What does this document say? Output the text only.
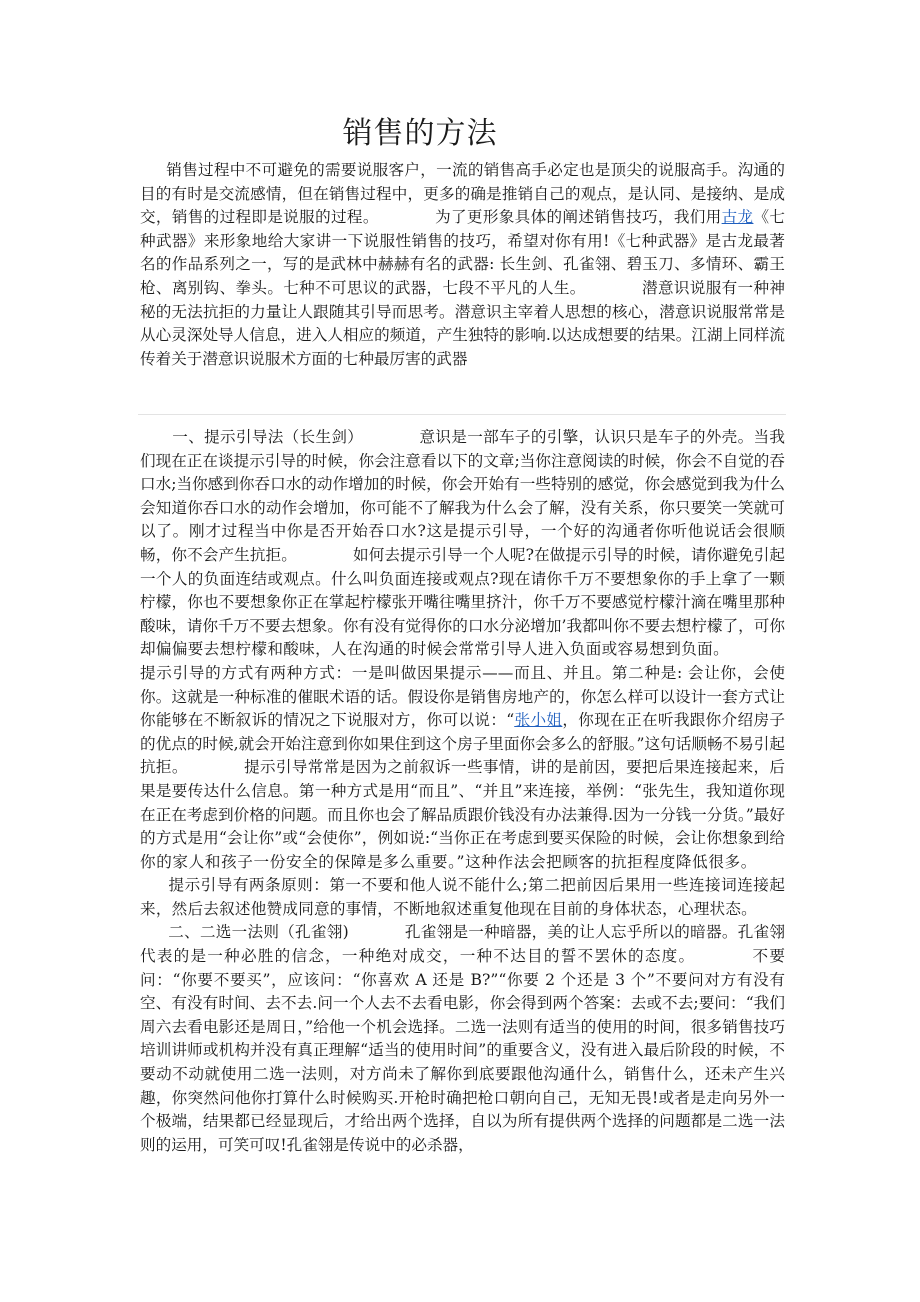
销售的方法

销售过程中不可避免的需要说服客户，一流的销售高手必定也是顶尖的说服高手。沟通的目的有时是交流感情，但在销售过程中，更多的确是推销自己的观点，是认同、是接纳、是成交，销售的过程即是说服的过程。	为了更形象具体的阐述销售技巧，我们用古龙《七种武器》来形象地给大家讲一下说服性销售的技巧，希望对你有用!《七种武器》是古龙最著名的作品系列之一，写的是武林中赫赫有名的武器: 长生剑、孔雀翎、碧玉刀、多情环、霸王枪、离别钩、拳头。七种不可思议的武器，七段不平凡的人生。	潜意识说服有一种神秘的无法抗拒的力量让人跟随其引导而思考。潜意识主宰着人思想的核心，潜意识说服常常是从心灵深处导人信息，进入人相应的频道，产生独特的影响.以达成想要的结果。江湖上同样流传着关于潜意识说服术方面的七种最厉害的武器

一、提示引导法（长生剑）	意识是一部车子的引擎，认识只是车子的外壳。当我们现在正在谈提示引导的时候，你会注意看以下的文章;当你注意阅读的时候，你会不自觉的吞口水;当你感到你吞口水的动作增加的时候，你会开始有一些特别的感觉，你会感觉到我为什么会知道你吞口水的动作会增加，你可能不了解我为什么会了解，没有关系，你只要笑一笑就可以了。刚才过程当中你是否开始吞口水?这是提示引导，一个好的沟通者你听他说话会很顺畅，你不会产生抗拒。	如何去提示引导一个人呢?在做提示引导的时候，请你避免引起一个人的负面连结或观点。什么叫负面连接或观点?现在请你千万不要想象你的手上拿了一颗柠檬，你也不要想象你正在掌起柠檬张开嘴往嘴里挤汁，你千万不要感觉柠檬汁滴在嘴里那种酸味，请你千万不要去想象。你有没有觉得你的口水分泌增加’我都叫你不要去想柠檬了，可你却偏偏要去想柠檬和酸味，人在沟通的时候会常常引导人进入负面或容易想到负面。提示引导的方式有两种方式：一是叫做因果提示——而且、并且。第二种是: 会让你，会使你。这就是一种标准的催眠术语的话。假设你是销售房地产的，你怎么样可以设计一套方式让你能够在不断叙诉的情况之下说服对方，你可以说：“张小姐，你现在正在听我跟你介绍房子的优点的时候,就会开始注意到你如果住到这个房子里面你会多么的舒服。”这句话顺畅不易引起抗拒。	提示引导常常是因为之前叙诉一些事情，讲的是前因，要把后果连接起来，后果是要传达什么信息。第一种方式是用“而且”、“并且”来连接，举例：“张先生，我知道你现在正在考虑到价格的问题。而且你也会了解品质跟价钱没有办法兼得.因为一分钱一分货。”最好的方式是用“会让你”或“会使你”，例如说:“当你正在考虑到要买保险的时候，会让你想象到给你的家人和孩子一份安全的保障是多么重要。”这种作法会把顾客的抗拒程度降低很多。提示引导有两条原则：第一不要和他人说不能什么;第二把前因后果用一些连接词连接起来，然后去叙述他赞成同意的事情，不断地叙述重复他现在目前的身体状态，心理状态。二、二选一法则（孔雀翎)	孔雀翎是一种暗器，美的让人忘乎所以的暗器。孔雀翎代表的是一种必胜的信念，一种绝对成交，一种不达目的誓不罢休的态度。	不要问：“你要不要买”，应该问：“你喜欢 A 还是 B?”“你要 2 个还是 3 个”不要问对方有没有空、有没有时间、去不去.问一个人去不去看电影，你会得到两个答案：去或不去;要问：“我们周六去看电影还是周日，”给他一个机会选择。二选一法则有适当的使用的时间，很多销售技巧培训讲师或机构并没有真正理解“适当的使用时间”的重要含义，没有进入最后阶段的时候，不要动不动就使用二选一法则，对方尚未了解你到底要跟他沟通什么，销售什么，还未产生兴趣，你突然问他你打算什么时候购买.开枪时确把枪口朝向自己，无知无畏!或者是走向另外一个极端，结果都已经显现后，才给出两个选择，自以为所有提供两个选择的问题都是二选一法则的运用，可笑可叹!孔雀翎是传说中的必杀器，
